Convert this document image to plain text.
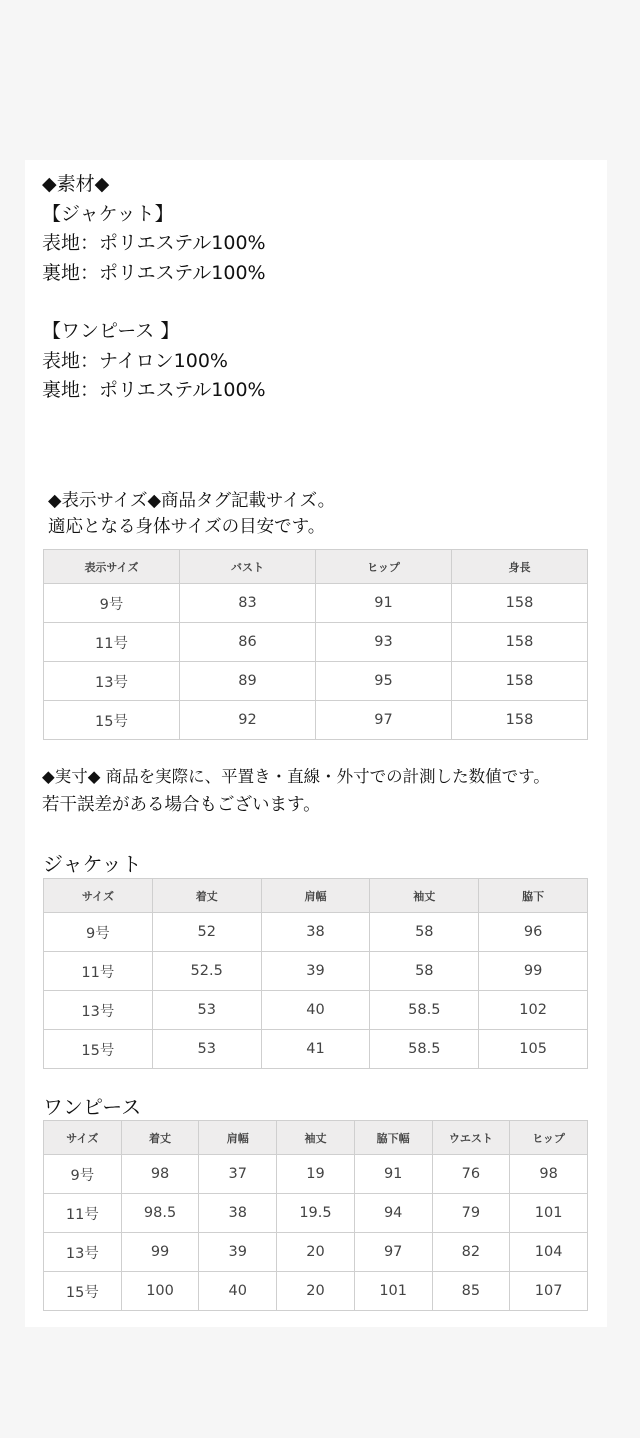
◆素材◆
【ジャケット】
表地：ポリエステル100%
裏地：ポリエステル100%
【ワンピース 】
表地：ナイロン100%
裏地：ポリエステル100%
◆表示サイズ◆商品タグ記載サイズ。
適応となる身体サイズの目安です。
表示サイズ	バスト	ヒップ	身長
9号	83	91	158
11号	86	93	158
13号	89	95	158
15号	92	97	158
◆実寸◆ 商品を実際に、平置き・直線・外寸での計測した数値です。
若干誤差がある場合もございます。
ジャケット
サイズ	着丈	肩幅	袖丈	脇下
9号	52	38	58	96
11号	52.5	39	58	99
13号	53	40	58.5	102
15号	53	41	58.5	105
ワンピース
サイズ	着丈	肩幅	袖丈	脇下幅	ウエスト	ヒップ
9号	98	37	19	91	76	98
11号	98.5	38	19.5	94	79	101
13号	99	39	20	97	82	104
15号	100	40	20	101	85	107
